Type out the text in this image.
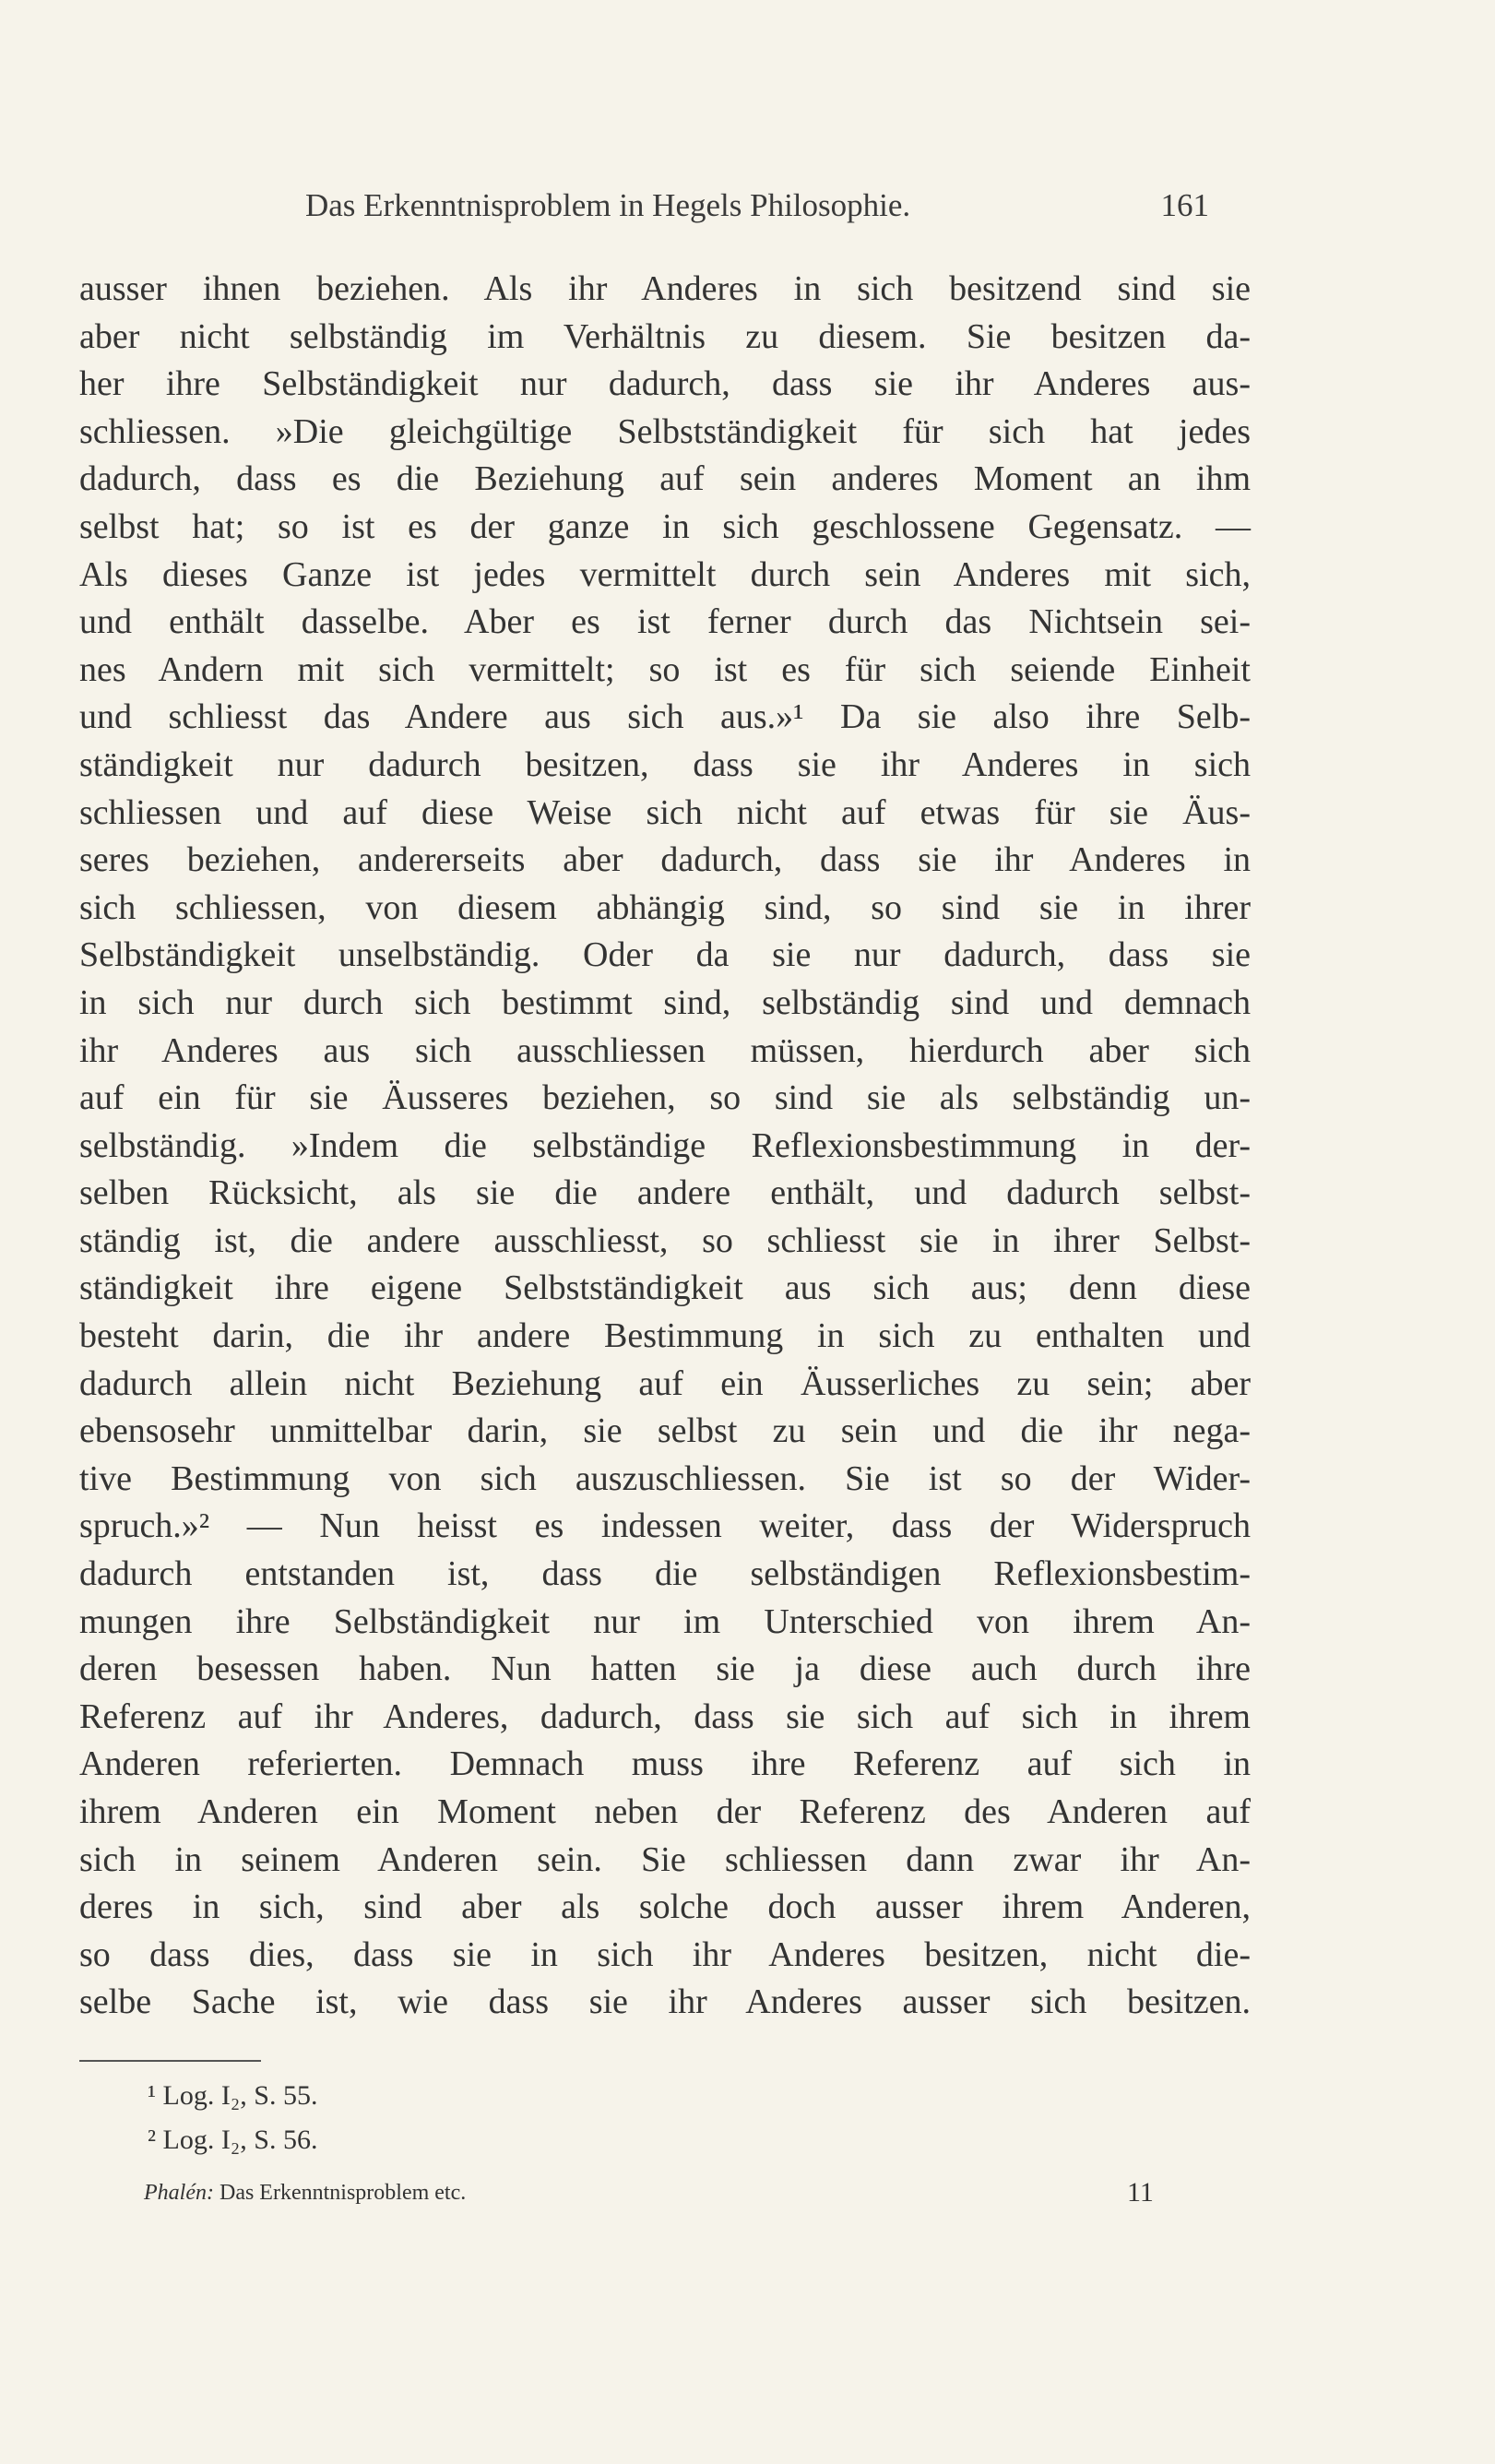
Das Erkenntnisproblem in Hegels Philosophie.	161
ausser ihnen beziehen. Als ihr Anderes in sich besitzend sind sie
aber nicht selbständig im Verhältnis zu diesem. Sie besitzen da-
her ihre Selbständigkeit nur dadurch, dass sie ihr Anderes aus-
schliessen. »Die gleichgültige Selbstständigkeit für sich hat jedes
dadurch, dass es die Beziehung auf sein anderes Moment an ihm
selbst hat; so ist es der ganze in sich geschlossene Gegensatz. —
Als dieses Ganze ist jedes vermittelt durch sein Anderes mit sich,
und enthält dasselbe. Aber es ist ferner durch das Nichtsein sei-
nes Andern mit sich vermittelt; so ist es für sich seiende Einheit
und schliesst das Andere aus sich aus.»¹ Da sie also ihre Selb-
ständigkeit nur dadurch besitzen, dass sie ihr Anderes in sich
schliessen und auf diese Weise sich nicht auf etwas für sie Äus-
seres beziehen, andererseits aber dadurch, dass sie ihr Anderes in
sich schliessen, von diesem abhängig sind, so sind sie in ihrer
Selbständigkeit unselbständig. Oder da sie nur dadurch, dass sie
in sich nur durch sich bestimmt sind, selbständig sind und demnach
ihr Anderes aus sich ausschliessen müssen, hierdurch aber sich
auf ein für sie Äusseres beziehen, so sind sie als selbständig un-
selbständig. »Indem die selbständige Reflexionsbestimmung in der-
selben Rücksicht, als sie die andere enthält, und dadurch selbst-
ständig ist, die andere ausschliesst, so schliesst sie in ihrer Selbst-
ständigkeit ihre eigene Selbstständigkeit aus sich aus; denn diese
besteht darin, die ihr andere Bestimmung in sich zu enthalten und
dadurch allein nicht Beziehung auf ein Äusserliches zu sein; aber
ebensosehr unmittelbar darin, sie selbst zu sein und die ihr nega-
tive Bestimmung von sich auszuschliessen. Sie ist so der Wider-
spruch.»² — Nun heisst es indessen weiter, dass der Widerspruch
dadurch entstanden ist, dass die selbständigen Reflexionsbestim-
mungen ihre Selbständigkeit nur im Unterschied von ihrem An-
deren besessen haben. Nun hatten sie ja diese auch durch ihre
Referenz auf ihr Anderes, dadurch, dass sie sich auf sich in ihrem
Anderen referierten. Demnach muss ihre Referenz auf sich in
ihrem Anderen ein Moment neben der Referenz des Anderen auf
sich in seinem Anderen sein. Sie schliessen dann zwar ihr An-
deres in sich, sind aber als solche doch ausser ihrem Anderen,
so dass dies, dass sie in sich ihr Anderes besitzen, nicht die-
selbe Sache ist, wie dass sie ihr Anderes ausser sich besitzen.
¹ Log. I₂, S. 55.
² Log. I₂, S. 56.
Phalén: Das Erkenntnisproblem etc.	11
